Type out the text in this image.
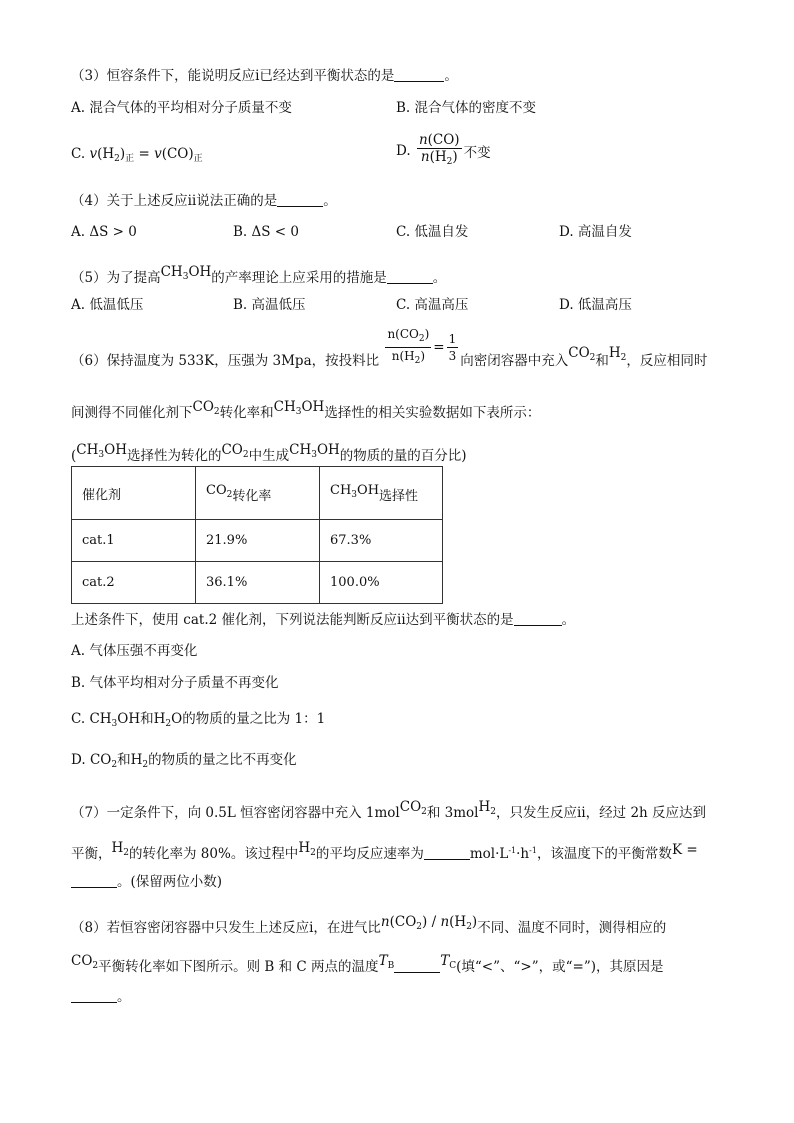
（3）恒容条件下，能说明反应ⅰ已经达到平衡状态的是	。
A. 混合气体的平均相对分子质量不变	B. 混合气体的密度不变
C. $v(H_2)_正 = v(CO)_正$	D. $\frac{n(CO)}{n(H_2)}$ 不变
（4）关于上述反应ⅱ说法正确的是	。
A. ΔS > 0	B. ΔS < 0	C. 低温自发	D. 高温自发
（5）为了提高$CH_3OH$的产率理论上应采用的措施是	。
A. 低温低压	B. 高温低压	C. 高温高压	D. 低温高压
（6）保持温度为 533K，压强为 3Mpa，按投料比 $\frac{n(CO_2)}{n(H_2)} = \frac{1}{3}$ 向密闭容器中充入$CO_2$和$H_2$，反应相同时
间测得不同催化剂下$CO_2$转化率和$CH_3OH$选择性的相关实验数据如下表所示：
($CH_3OH$选择性为转化的$CO_2$中生成$CH_3OH$的物质的量的百分比)
催化剂	$CO_2$转化率	$CH_3OH$选择性
cat.1	21.9%	67.3%
cat.2	36.1%	100.0%
上述条件下，使用 cat.2 催化剂，下列说法能判断反应ⅱ达到平衡状态的是	。
A. 气体压强不再变化
B. 气体平均相对分子质量不再变化
C. $CH_3OH$和$H_2O$的物质的量之比为 1：1
D. $CO_2$和$H_2$的物质的量之比不再变化
（7）一定条件下，向 0.5L 恒容密闭容器中充入 1molCO$_2$和 3molH$_2$，只发生反应ⅱ，经过 2h 反应达到
平衡，$H_2$的转化率为 80%。该过程中$H_2$的平均反应速率为	$mol\cdot L^{-1}\cdot h^{-1}$，该温度下的平衡常数K =
。(保留两位小数)
（8）若恒容密闭容器中只发生上述反应ⅰ，在进气比$n(CO_2) / n(H_2)$不同、温度不同时，测得相应的
$CO_2$平衡转化率如下图所示。则 B 和 C 两点的温度$T_B$	$T_C$(填“<”、“>”，或“=”)，其原因是
。
